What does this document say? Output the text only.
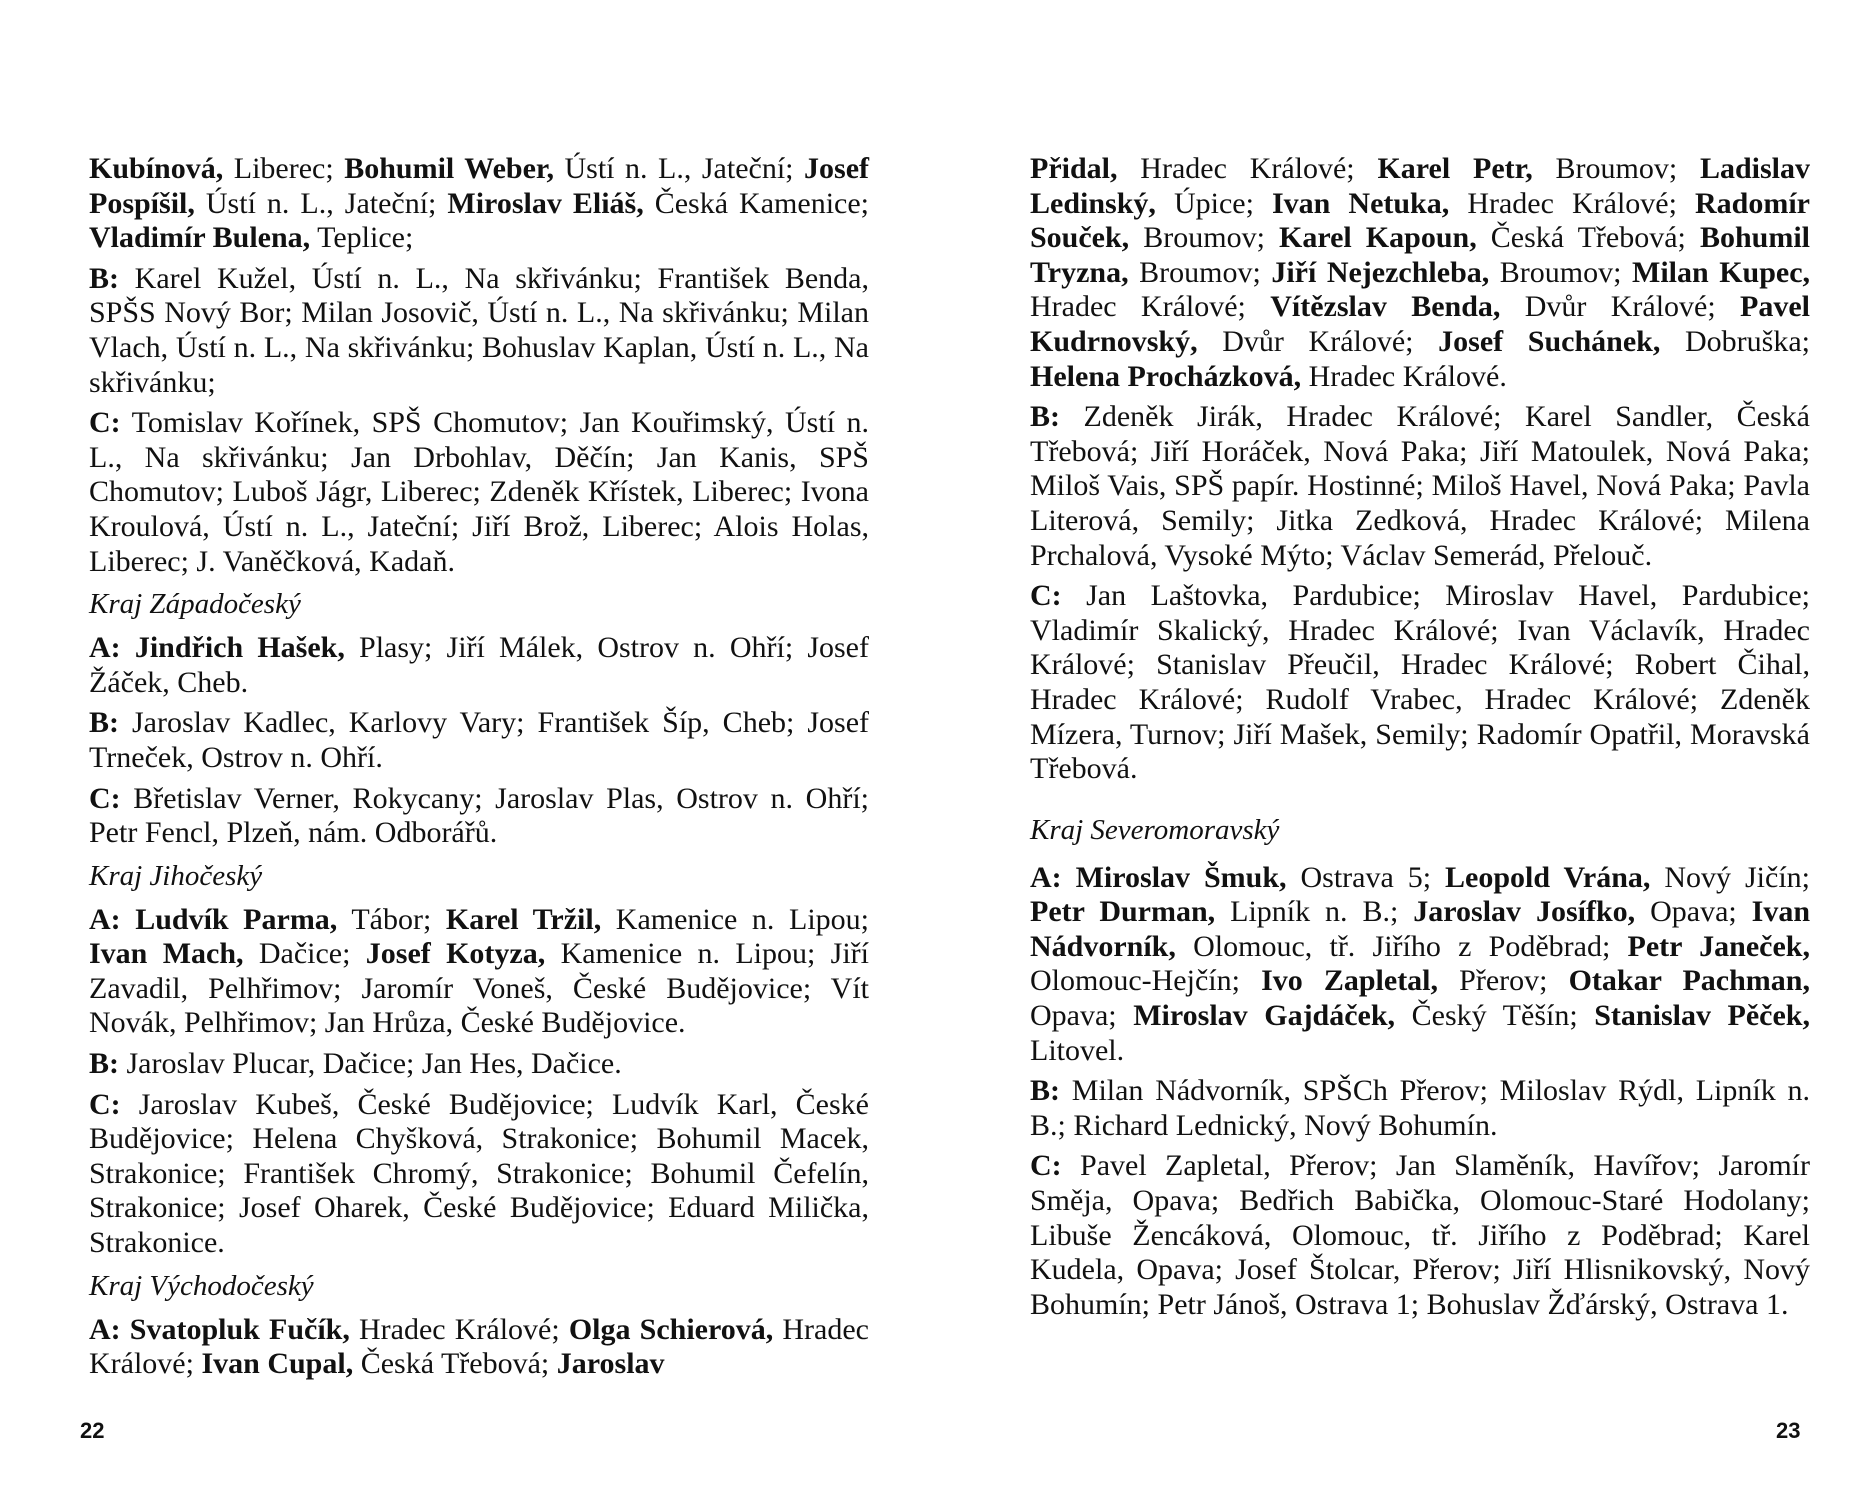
Kubínová, Liberec; Bohumil Weber, Ústí n. L., Jateční; Josef Pospíšil, Ústí n. L., Jateční; Miroslav Eliáš, Česká Kamenice; Vladimír Bulena, Teplice;

B: Karel Kužel, Ústí n. L., Na skřivánku; František Benda, SPŠS Nový Bor; Milan Josovič, Ústí n. L., Na skřivánku; Milan Vlach, Ústí n. L., Na skřivánku; Bohuslav Kaplan, Ústí n. L., Na skřivánku;

C: Tomislav Kořínek, SPŠ Chomutov; Jan Kouřimský, Ústí n. L., Na skřivánku; Jan Drbohlav, Děčín; Jan Kanis, SPŠ Chomutov; Luboš Jágr, Liberec; Zdeněk Křístek, Liberec; Ivona Kroulová, Ústí n. L., Jateční; Jiří Brož, Liberec; Alois Holas, Liberec; J. Vaněčková, Kadaň.

Kraj Západočeský

A: Jindřich Hašek, Plasy; Jiří Málek, Ostrov n. Ohří; Josef Žáček, Cheb.

B: Jaroslav Kadlec, Karlovy Vary; František Šíp, Cheb; Josef Trneček, Ostrov n. Ohří.

C: Břetislav Verner, Rokycany; Jaroslav Plas, Ostrov n. Ohří; Petr Fencl, Plzeň, nám. Odborářů.

Kraj Jihočeský

A: Ludvík Parma, Tábor; Karel Tržil, Kamenice n. Lipou; Ivan Mach, Dačice; Josef Kotyza, Kamenice n. Lipou; Jiří Zavadil, Pelhřimov; Jaromír Voneš, České Budějovice; Vít Novák, Pelhřimov; Jan Hrůza, České Budějovice.

B: Jaroslav Plucar, Dačice; Jan Hes, Dačice.

C: Jaroslav Kubeš, České Budějovice; Ludvík Karl, České Budějovice; Helena Chyšková, Strakonice; Bohumil Macek, Strakonice; František Chromý, Strakonice; Bohumil Čefelín, Strakonice; Josef Oharek, České Budějovice; Eduard Milička, Strakonice.

Kraj Východočeský

A: Svatopluk Fučík, Hradec Králové; Olga Schierová, Hradec Králové; Ivan Cupal, Česká Třebová; Jaroslav

Přidal, Hradec Králové; Karel Petr, Broumov; Ladislav Ledinský, Úpice; Ivan Netuka, Hradec Králové; Radomír Souček, Broumov; Karel Kapoun, Česká Třebová; Bohumil Tryzna, Broumov; Jiří Nejezchleba, Broumov; Milan Kupec, Hradec Králové; Vítězslav Benda, Dvůr Králové; Pavel Kudrnovský, Dvůr Králové; Josef Suchánek, Dobruška; Helena Procházková, Hradec Králové.

B: Zdeněk Jirák, Hradec Králové; Karel Sandler, Česká Třebová; Jiří Horáček, Nová Paka; Jiří Matoulek, Nová Paka; Miloš Vais, SPŠ papír. Hostinné; Miloš Havel, Nová Paka; Pavla Literová, Semily; Jitka Zedková, Hradec Králové; Milena Prchalová, Vysoké Mýto; Václav Semerád, Přelouč.

C: Jan Laštovka, Pardubice; Miroslav Havel, Pardubice; Vladimír Skalický, Hradec Králové; Ivan Václavík, Hradec Králové; Stanislav Přeučil, Hradec Králové; Robert Čihal, Hradec Králové; Rudolf Vrabec, Hradec Králové; Zdeněk Mízera, Turnov; Jiří Mašek, Semily; Radomír Opatřil, Moravská Třebová.

Kraj Severomoravský

A: Miroslav Šmuk, Ostrava 5; Leopold Vrána, Nový Jičín; Petr Durman, Lipník n. B.; Jaroslav Josífko, Opava; Ivan Nádvorník, Olomouc, tř. Jiřího z Poděbrad; Petr Janeček, Olomouc-Hejčín; Ivo Zapletal, Přerov; Otakar Pachman, Opava; Miroslav Gajdáček, Český Těšín; Stanislav Pěček, Litovel.

B: Milan Nádvorník, SPŠCh Přerov; Miloslav Rýdl, Lipník n. B.; Richard Lednický, Nový Bohumín.

C: Pavel Zapletal, Přerov; Jan Slaměník, Havířov; Jaromír Směja, Opava; Bedřich Babička, Olomouc-Staré Hodolany; Libuše Žencáková, Olomouc, tř. Jiřího z Poděbrad; Karel Kudela, Opava; Josef Štolcar, Přerov; Jiří Hlisnikovský, Nový Bohumín; Petr Jánoš, Ostrava 1; Bohuslav Žďárský, Ostrava 1.

22	23
